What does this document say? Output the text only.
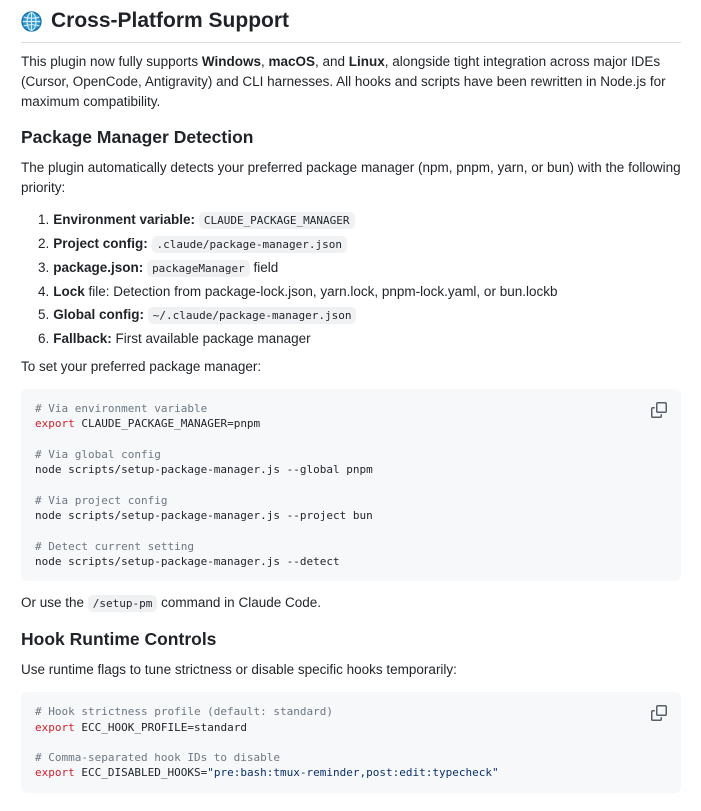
Cross-Platform Support

This plugin now fully supports Windows, macOS, and Linux, alongside tight integration across major IDEs (Cursor, OpenCode, Antigravity) and CLI harnesses. All hooks and scripts have been rewritten in Node.js for maximum compatibility.

Package Manager Detection

The plugin automatically detects your preferred package manager (npm, pnpm, yarn, or bun) with the following priority:

1. Environment variable: CLAUDE_PACKAGE_MANAGER
2. Project config: .claude/package-manager.json
3. package.json: packageManager field
4. Lock file: Detection from package-lock.json, yarn.lock, pnpm-lock.yaml, or bun.lockb
5. Global config: ~/.claude/package-manager.json
6. Fallback: First available package manager

To set your preferred package manager:

# Via environment variable
export CLAUDE_PACKAGE_MANAGER=pnpm

# Via global config
node scripts/setup-package-manager.js --global pnpm

# Via project config
node scripts/setup-package-manager.js --project bun

# Detect current setting
node scripts/setup-package-manager.js --detect

Or use the /setup-pm command in Claude Code.

Hook Runtime Controls

Use runtime flags to tune strictness or disable specific hooks temporarily:

# Hook strictness profile (default: standard)
export ECC_HOOK_PROFILE=standard

# Comma-separated hook IDs to disable
export ECC_DISABLED_HOOKS="pre:bash:tmux-reminder,post:edit:typecheck"
